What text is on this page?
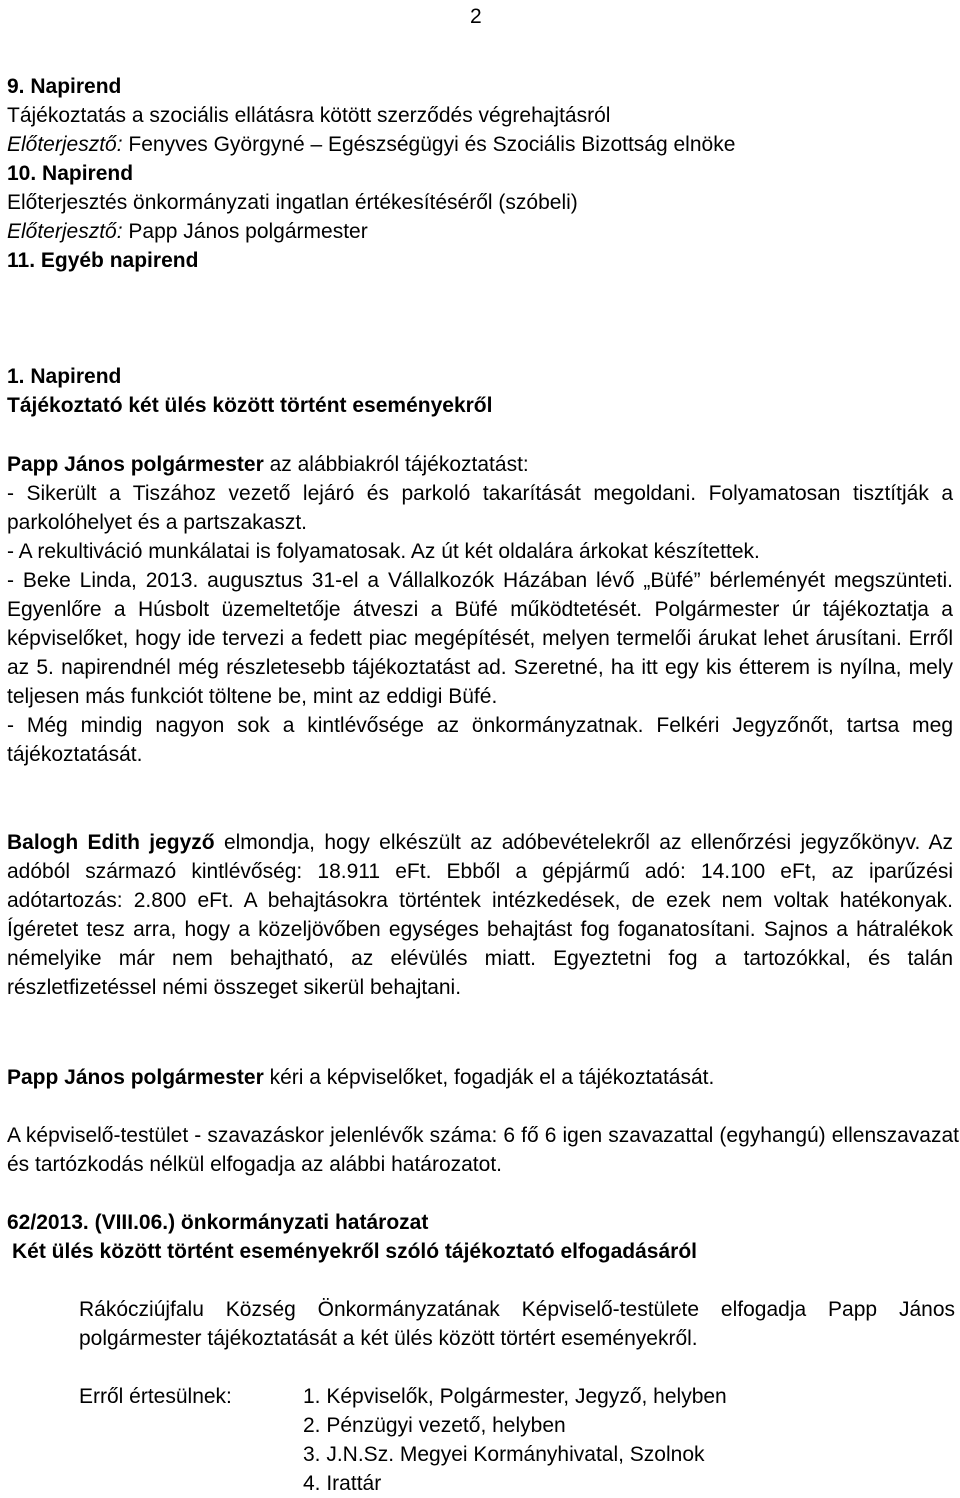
2
9. Napirend
Tájékoztatás a szociális ellátásra kötött szerződés végrehajtásról
Előterjesztő: Fenyves Györgyné – Egészségügyi és Szociális Bizottság elnöke
10. Napirend
Előterjesztés önkormányzati ingatlan értékesítéséről (szóbeli)
Előterjesztő: Papp János polgármester
11. Egyéb napirend
1. Napirend
Tájékoztató két ülés között történt eseményekről

Papp János polgármester az alábbiakról tájékoztatást:

- Sikerült a Tiszához vezető lejáró és parkoló takarítását megoldani. Folyamatosan tisztítják a parkolóhelyet és a partszakaszt.

- A rekultiváció munkálatai is folyamatosak. Az út két oldalára árkokat készítettek.

- Beke Linda, 2013. augusztus 31-el a Vállalkozók Házában lévő „Büfé” bérleményét megszünteti. Egyenlőre a Húsbolt üzemeltetője átveszi a Büfé működtetését. Polgármester úr tájékoztatja a képviselőket, hogy ide tervezi a fedett piac megépítését, melyen termelői árukat lehet árusítani. Erről az 5. napirendnél még részletesebb tájékoztatást ad. Szeretné, ha itt egy kis étterem is nyílna, mely teljesen más funkciót töltene be, mint az eddigi Büfé.

- Még mindig nagyon sok a kintlévősége az önkormányzatnak. Felkéri Jegyzőnőt, tartsa meg tájékoztatását.

Balogh Edith jegyző elmondja, hogy elkészült az adóbevételekről az ellenőrzési jegyzőkönyv. Az adóból származó kintlévőség: 18.911 eFt. Ebből a gépjármű adó: 14.100 eFt, az iparűzési adótartozás: 2.800 eFt. A behajtásokra történtek intézkedések, de ezek nem voltak hatékonyak. Ígéretet tesz arra, hogy a közeljövőben egységes behajtást fog foganatosítani. Sajnos a hátralékok némelyike már nem behajtható, az elévülés miatt. Egyeztetni fog a tartozókkal, és talán részletfizetéssel némi összeget sikerül behajtani.
Papp János polgármester kéri a képviselőket, fogadják el a tájékoztatását.
A képviselő-testület - szavazáskor jelenlévők száma: 6 fő 6 igen szavazattal (egyhangú) ellenszavazat és tartózkodás nélkül elfogadja az alábbi határozatot.
62/2013. (VIII.06.) önkormányzati határozat
Két ülés között történt eseményekről szóló tájékoztató elfogadásáról
Rákócziújfalu Község Önkormányzatának Képviselő-testülete elfogadja Papp János polgármester tájékoztatását a két ülés között törtért eseményekről.
Erről értesülnek:	1. Képviselők, Polgármester, Jegyző, helyben
2. Pénzügyi vezető, helyben
3. J.N.Sz. Megyei Kormányhivatal, Szolnok
4. Irattár
